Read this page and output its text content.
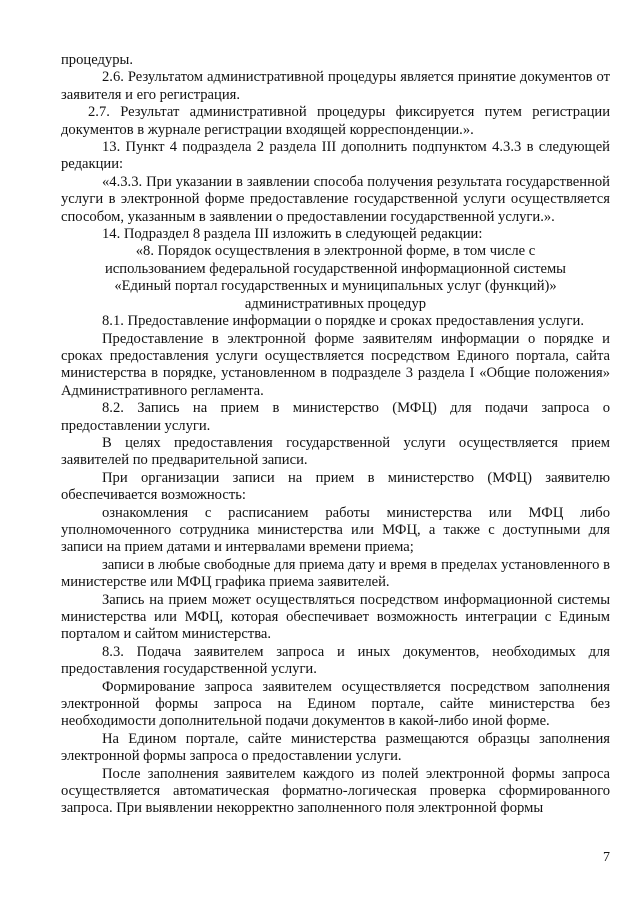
процедуры.

2.6. Результатом административной процедуры является принятие документов от заявителя и его регистрация.

2.7. Результат административной процедуры фиксируется путем регистрации документов в журнале регистрации входящей корреспонденции.».

13. Пункт 4 подраздела 2 раздела III дополнить подпунктом 4.3.3 в следующей редакции:

«4.3.3. При указании в заявлении способа получения результата государственной услуги в электронной форме предоставление государственной услуги осуществляется способом, указанным в заявлении о предоставлении государственной услуги.».

14. Подраздел 8 раздела III изложить в следующей редакции:

«8. Порядок осуществления в электронной форме, в том числе с использованием федеральной государственной информационной системы «Единый портал государственных и муниципальных услуг (функций)» административных процедур

8.1. Предоставление информации о порядке и сроках предоставления услуги.

Предоставление в электронной форме заявителям информации о порядке и сроках предоставления услуги осуществляется посредством Единого портала, сайта министерства в порядке, установленном в подразделе 3 раздела I «Общие положения» Административного регламента.

8.2. Запись на прием в министерство (МФЦ) для подачи запроса о предоставлении услуги.

В целях предоставления государственной услуги осуществляется прием заявителей по предварительной записи.

При организации записи на прием в министерство (МФЦ) заявителю обеспечивается возможность:

ознакомления с расписанием работы министерства или МФЦ либо уполномоченного сотрудника министерства или МФЦ, а также с доступными для записи на прием датами и интервалами времени приема;

записи в любые свободные для приема дату и время в пределах установленного в министерстве или МФЦ графика приема заявителей.

Запись на прием может осуществляться посредством информационной системы министерства или МФЦ, которая обеспечивает возможность интеграции с Единым порталом и сайтом министерства.

8.3. Подача заявителем запроса и иных документов, необходимых для предоставления государственной услуги.

Формирование запроса заявителем осуществляется посредством заполнения электронной формы запроса на Едином портале, сайте министерства без необходимости дополнительной подачи документов в какой-либо иной форме.

На Едином портале, сайте министерства размещаются образцы заполнения электронной формы запроса о предоставлении услуги.

После заполнения заявителем каждого из полей электронной формы запроса осуществляется автоматическая форматно-логическая проверка сформированного запроса. При выявлении некорректно заполненного поля электронной формы

7
